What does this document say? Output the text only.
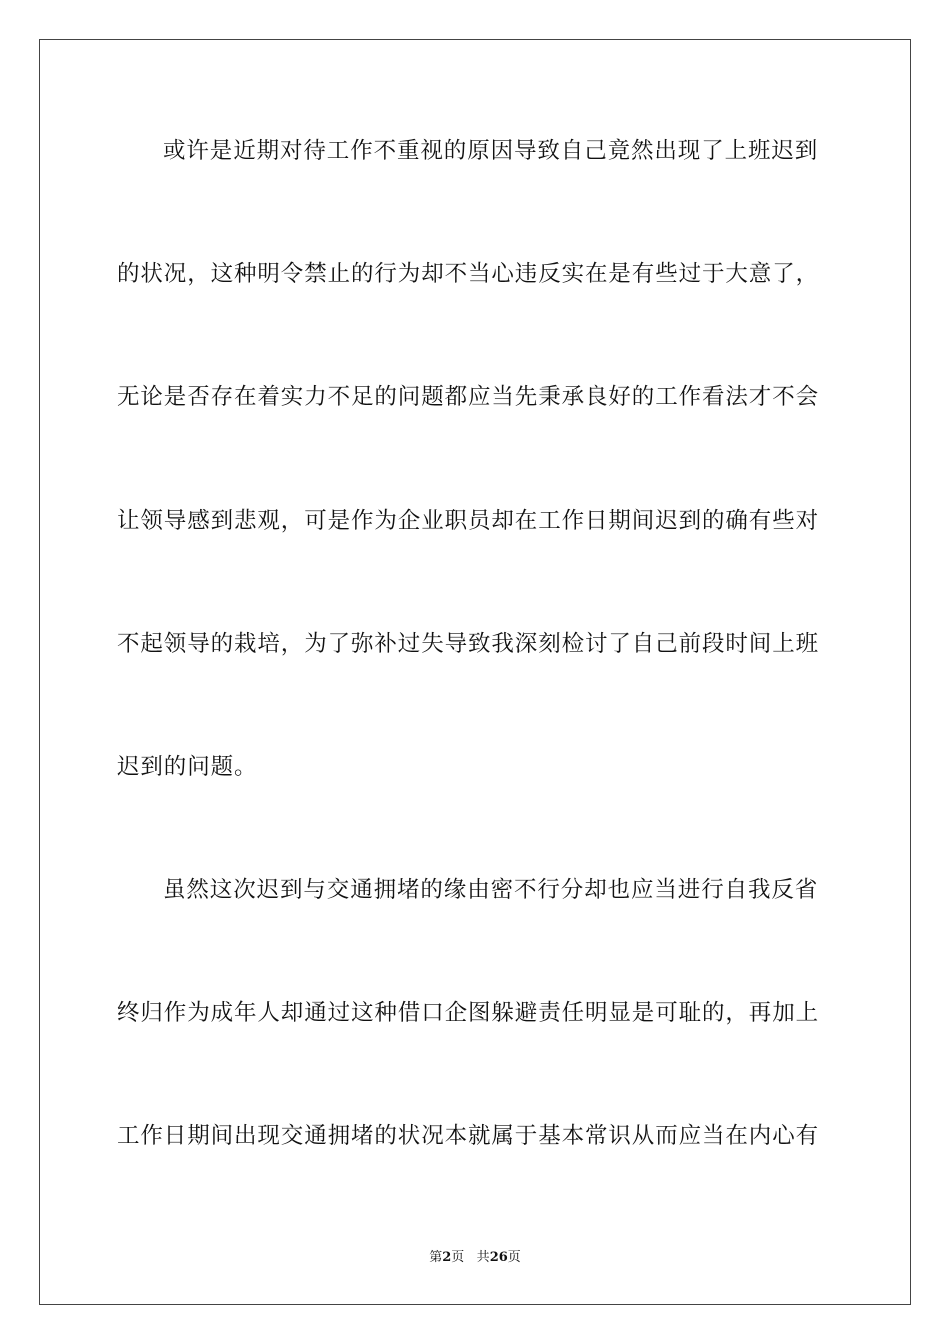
或许是近期对待工作不重视的原因导致自己竟然出现了上班迟到

的状况，这种明令禁止的行为却不当心违反实在是有些过于大意了，

无论是否存在着实力不足的问题都应当先秉承良好的工作看法才不会

让领导感到悲观，可是作为企业职员却在工作日期间迟到的确有些对

不起领导的栽培，为了弥补过失导致我深刻检讨了自己前段时间上班

迟到的问题。

虽然这次迟到与交通拥堵的缘由密不行分却也应当进行自我反省

终归作为成年人却通过这种借口企图躲避责任明显是可耻的，再加上

工作日期间出现交通拥堵的状况本就属于基本常识从而应当在内心有

第2页 共26页
